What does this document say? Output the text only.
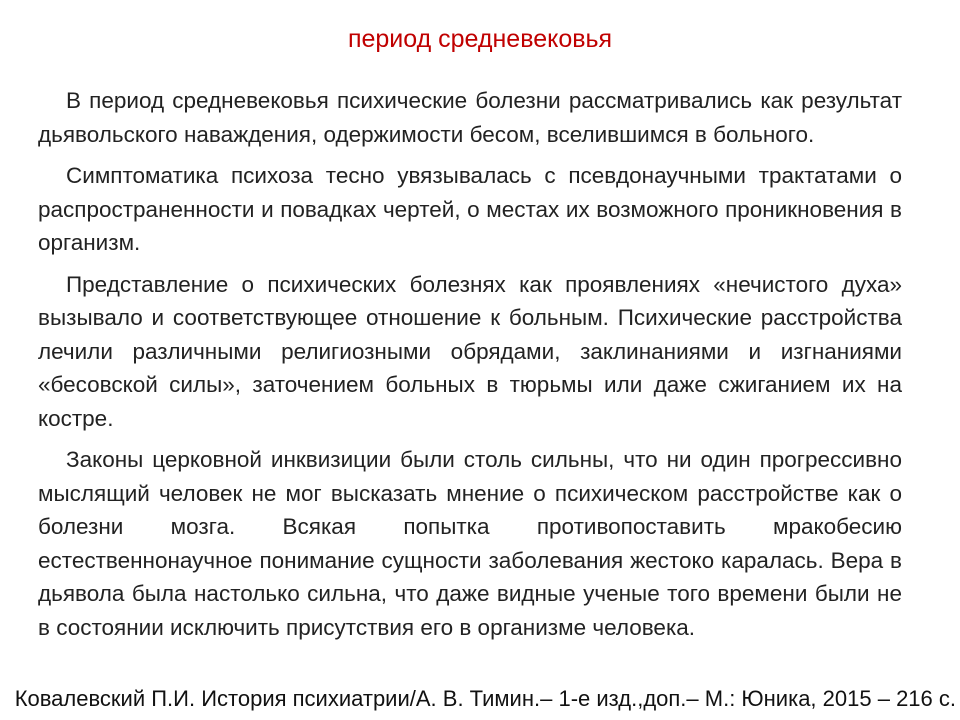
период средневековья

В период средневековья психические болезни рассматривались как результат дьявольского наваждения, одержимости бесом, вселившимся в больного.

Симптоматика психоза тесно увязывалась с псевдонаучными трактатами о распространенности и повадках чертей, о местах их возможного проникновения в организм.

Представление о психических болезнях как проявлениях «нечистого духа» вызывало и соответствующее отношение к больным. Психические расстройства лечили различными религиозными обрядами, заклинаниями и изгнаниями «бесовской силы», заточением больных в тюрьмы или даже сжиганием их на костре.

Законы церковной инквизиции были столь сильны, что ни один прогрессивно мыслящий человек не мог высказать мнение о психическом расстройстве как о болезни мозга. Всякая попытка противопоставить мракобесию естественнонаучное понимание сущности заболевания жестоко каралась. Вера в дьявола была настолько сильна, что даже видные ученые того времени были не в состоянии исключить присутствия его в организме человека.

Ковалевский П.И. История психиатрии/А. В. Тимин.– 1-е изд.,доп.– М.: Юника, 2015 – 216 с.
